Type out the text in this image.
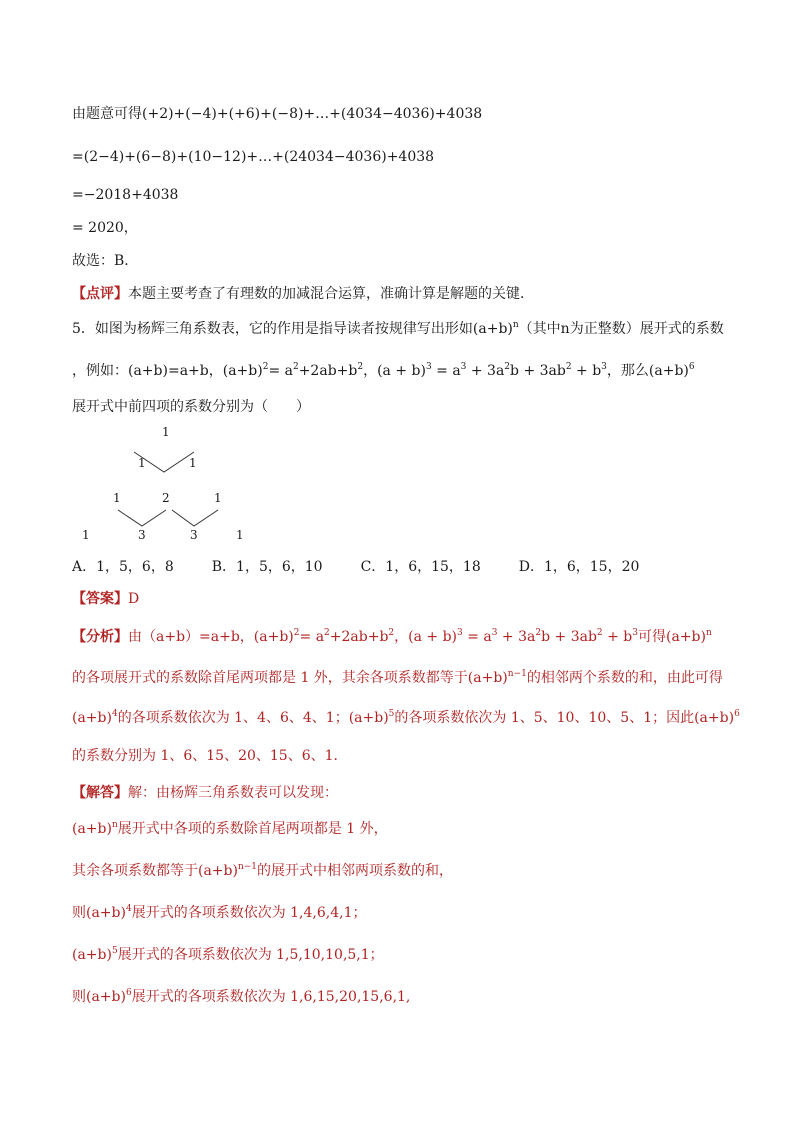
由题意可得(+2)+(−4)+(+6)+(−8)+…+(4034−4036)+4038
=(2−4)+(6−8)+(10−12)+…+(24034−4036)+4038
=−2018+4038
= 2020，
故选：B．
【点评】本题主要考查了有理数的加减混合运算，准确计算是解题的关键．
5．如图为杨辉三角系数表，它的作用是指导读者按规律写出形如$(a+b)^n$（其中n为正整数）展开式的系数
，例如：(a+b)=a+b，$(a+b)^2= a^2+2ab+b^2$，$(a + b)^3 = a^3 + 3a^2b + 3ab^2 + b^3$，那么$(a+b)^6$
展开式中前四项的系数分别为（　　）
1
1	1
1	2	1
1	3	3	1
A．1，5，6，8	B．1，5，6，10	C．1，6，15，18	D．1，6，15，20
【答案】D
【分析】由（a+b）=a+b，$(a+b)^2= a^2+2ab+b^2$，$(a + b)^3 = a^3 + 3a^2b + 3ab^2 + b^3$可得$(a+b)^n$
的各项展开式的系数除首尾两项都是 1 外，其余各项系数都等于$(a+b)^{n-1}$的相邻两个系数的和，由此可得
$(a+b)^4$的各项系数依次为 1、4、6、4、1；$(a+b)^5$的各项系数依次为 1、5、10、10、5、1；因此$(a+b)^6$
的系数分别为 1、6、15、20、15、6、1．
【解答】解：由杨辉三角系数表可以发现：
$(a+b)^n$展开式中各项的系数除首尾两项都是 1 外，
其余各项系数都等于$(a+b)^{n-1}$的展开式中相邻两项系数的和，
则$(a+b)^4$展开式的各项系数依次为 1,4,6,4,1；
$(a+b)^5$展开式的各项系数依次为 1,5,10,10,5,1；
则$(a+b)^6$展开式的各项系数依次为 1,6,15,20,15,6,1,
